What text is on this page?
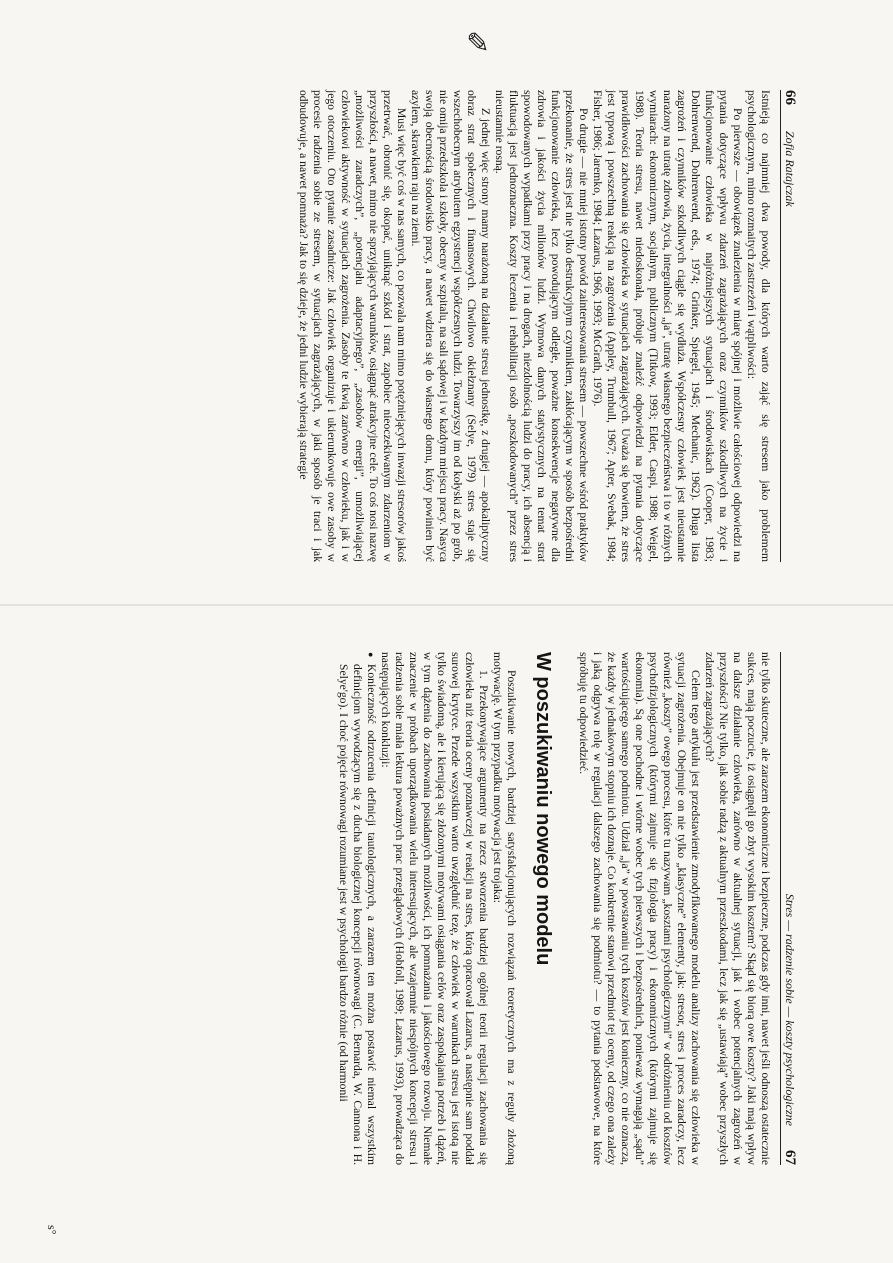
✎
66
Zofia Ratajczak

Istnieją co najmniej dwa powody, dla których warto zająć się stresem jako problemem psychologicznym, mimo rozmaitych zastrzeżeń i wątpliwości:

Po pierwsze — obowiązek znalezienia w miarę spójnej i możliwie całościowej odpowiedzi na pytania dotyczące wpływu zdarzeń zagrażających oraz czynników szkodliwych na życie i funkcjonowanie człowieka w najróżniejszych sytuacjach i środowiskach (Cooper, 1983; Dohrenwend, Dohrenwend, eds., 1974; Grinker, Spiegel, 1945; Mechanic, 1962). Długa lista zagrożeń i czynników szkodliwych ciągle się wydłuża. Współczesny człowiek jest nieustannie narażony na utratę zdrowia, życia, integralności „ja”, utratę własnego bezpieczeństwa i to w różnych wymiarach: ekonomicznym, socjalnym, publicznym (Titkow, 1993; Elder, Caspi, 1988; Weigel, 1988). Teoria stresu, nawet niedoskonała, próbuje znaleźć odpowiedzi na pytania dotyczące prawidłowości zachowania się człowieka w sytuacjach zagrażających. Uważa się bowiem, że stres jest typową i powszechną reakcją na zagrożenia (Appley, Trumbull, 1967; Apter, Svebak, 1984; Fisher, 1986; Jaremko, 1984; Lazarus, 1966, 1993; McGrath, 1976).

Po drugie — nie mniej istotny powód zainteresowania stresem — powszechne wśród praktyków przekonanie, że stres jest nie tylko destrukcyjnym czynnikiem, zakłócającym w sposób bezpośredni funkcjonowanie człowieka, lecz powodującym odległe, poważne konsekwencje negatywne dla zdrowia i jakości życia milionów ludzi. Wymowa danych statystycznych na temat strat spowodowanych wypadkami przy pracy i na drogach, niezdolnością ludzi do pracy, ich absencją i fluktuacją jest jednoznaczna. Koszty leczenia i rehabilitacji osób „poszkodowanych” przez stres nieustannie rosną.

Z jednej więc strony mamy narażoną na działanie stresu jednostkę, z drugiej — apokaliptyczny obraz strat społecznych i finansowych. Chwilowo okiełznany (Selye, 1979) stres staje się wszechobecnym atrybutem egzystencji współczesnych ludzi. Towarzyszy im od kołyski aż po grób, nie omija przedszkola i szkoły, obecny w szpitalu, na sali sądowej i w każdym miejscu pracy. Nasyca swoją obecnością środowisko pracy, a nawet wdziera się do własnego domu, który powinien być azylem, skrawkiem raju na ziemi.

Musi więc być coś w nas samych, co pozwala nam mimo potężniejących inwazji stresorów jakoś przetrwać, obronić się, okopać, uniknąć szkód i strat, zapobiec nieoczekiwanym zdarzeniom w przyszłości, a nawet, mimo nie sprzyjających warunków, osiągnąć atrakcyjne cele. To coś nosi nazwę „możliwości zaradczych”, „potencjału adaptacyjnego”, „zasobów energii”, umożliwiającej człowiekowi aktywność w sytuacjach zagrożenia. Zasoby te tkwią zarówno w człowieku, jak i w jego otoczeniu. Oto pytanie zasadnicze: Jak człowiek organizuje i ukierunkowuje owe zasoby w procesie radzenia sobie ze stresem, w sytuacjach zagrażających, w jaki sposób je traci i jak odbudowuje, a nawet pomnaża? Jak to się dzieje, że jedni ludzie wybierają strategie

Stres — radzenie sobie — koszty psychologiczne
67

nie tylko skuteczne, ale zarazem ekonomiczne i bezpieczne, podczas gdy inni, nawet jeśli odnoszą ostatecznie sukces, mają poczucie, iż osiągnęli go zbyt wysokim kosztem? Skąd się biorą owe koszty? Jaki mają wpływ na dalsze działanie człowieka, zarówno w aktualnej sytuacji, jak i wobec potencjalnych zagrożeń w przyszłości? Nie tylko, jak sobie radzą z aktualnym przeszkodami, lecz jak się „ustawiają” wobec przyszłych zdarzeń zagrażających?

Celem tego artykułu jest przedstawienie zmodyfikowanego modelu analizy zachowania się człowieka w sytuacji zagrożenia. Obejmuje on nie tylko „klasyczne” elementy, jak: stresor, stres i proces zaradczy, lecz również „koszty” owego procesu, które tu nazywam „kosztami psychologicznymi” w odróżnieniu od kosztów psychofizjologicznych (którymi zajmuje się fizjologia pracy) i ekonomicznych (którymi zajmuje się ekonomia). Są one pochodne i wtórne wobec tych pierwszych i bezpośrednich, ponieważ wymagają „sądu” wartościującego samego podmiotu. Udział „ja” w powstawaniu tych kosztów jest konieczny, co nie oznacza, że każdy w jednakowym stopniu ich doznaje. Co konkretnie stanowi przedmiot tej oceny, od czego ona zależy i jaką odgrywa rolę w regulacji dalszego zachowania się podmiotu? — to pytania podstawowe, na które spróbuję tu odpowiedzieć.

W poszukiwaniu nowego modelu

Poszukiwanie nowych, bardziej satysfakcjonujących rozwiązań teoretycznych ma z reguły złożoną motywację. W tym przypadku motywacja jest trojaka:

1. Przekonywające argumenty na rzecz stworzenia bardziej ogólnej teorii regulacji zachowania się człowieka niż teoria oceny poznawczej w reakcji na stres, którą opracował Lazarus, a następnie sam poddał surowej krytyce. Przede wszystkim warto uwzględnić tezę, że człowiek w warunkach stresu jest istotą nie tylko świadomą, ale i kierującą się złożonymi motywami osiągania celów oraz zaspokajania potrzeb i dążeń, w tym dążenia do zachowania posiadanych możliwości, ich pomnażania i jakościowego rozwoju. Niemałe znaczenie w próbach uporządkowania wielu interesujących, ale wzajemnie niespójnych koncepcji stresu i radzenia sobie miała lektura poważnych prac przeglądowych (Hobfoll, 1989; Lazarus, 1993), prowadząca do następujących konkluzji:

● Konieczność odrzucenia definicji tautologicznych, a zarazem ten można postawić niemal wszystkim definicjom wywodzącym się z ducha biologicznej koncepcji równowagi (C. Bernarda, W. Cannona i H. Selye'go). I choć pojęcie równowagi rozumiane jest w psychologii bardzo różnie (od harmonii
s°
